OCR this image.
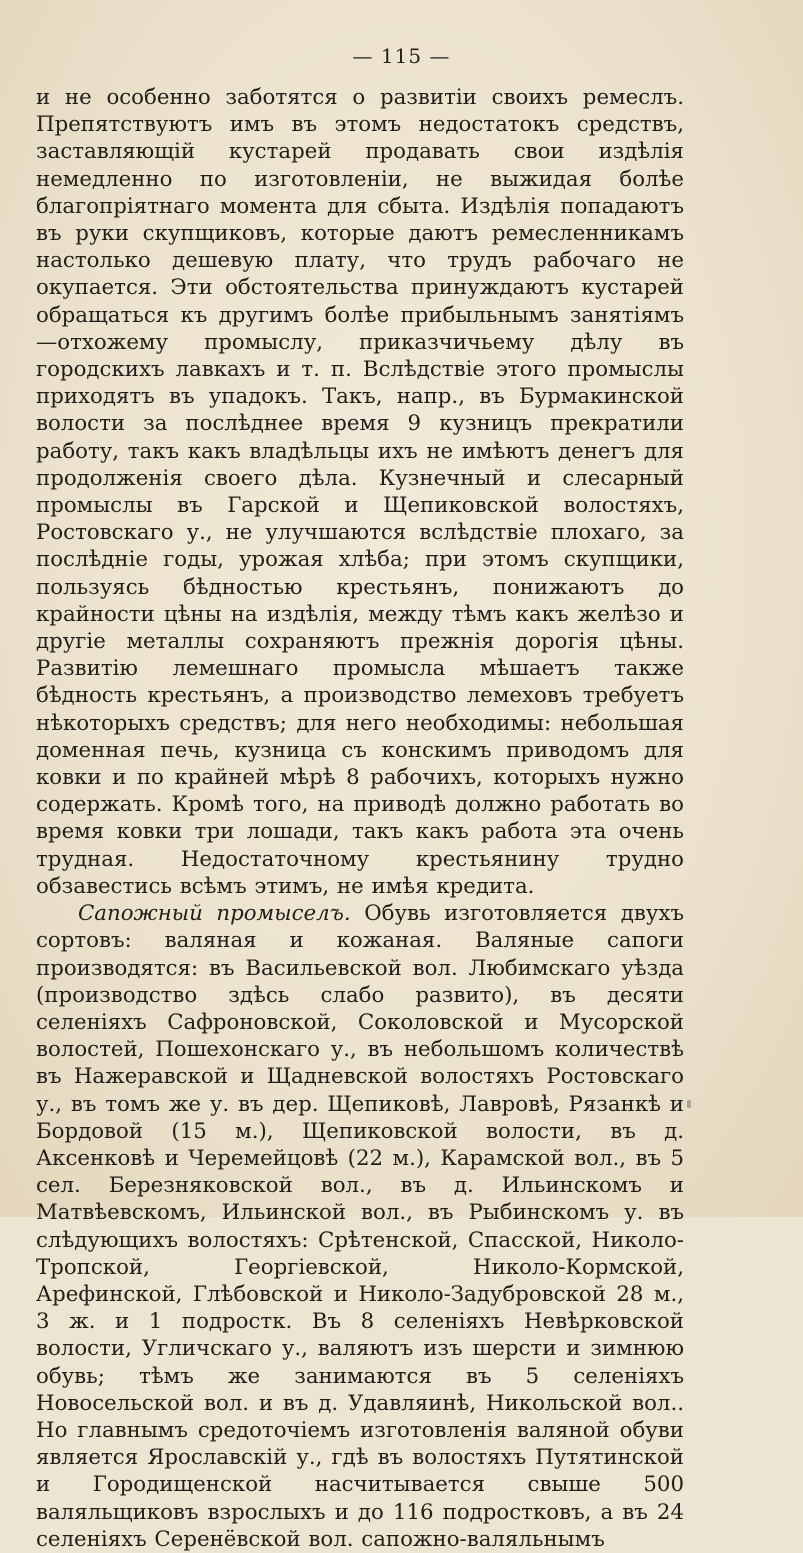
— 115 —

и не особенно заботятся о развитіи своихъ ремеслъ. Препятствуютъ имъ въ этомъ недостатокъ средствъ, заставляющій кустарей продавать свои издѣлія немедленно по изготовленіи, не выжидая болѣе благопріятнаго момента для сбыта. Издѣлія попадаютъ въ руки скупщиковъ, которые даютъ ремесленникамъ настолько дешевую плату, что трудъ рабочаго не окупается. Эти обстоятельства принуждаютъ кустарей обращаться къ другимъ болѣе прибыльнымъ занятіямъ—отхожему промыслу, приказчичьему дѣлу въ городскихъ лавкахъ и т. п. Вслѣдствіе этого промыслы приходятъ въ упадокъ. Такъ, напр., въ Бурмакинской волости за послѣднее время 9 кузницъ прекратили работу, такъ какъ владѣльцы ихъ не имѣютъ денегъ для продолженія своего дѣла. Кузнечный и слесарный промыслы въ Гарской и Щепиковской волостяхъ, Ростовскаго у., не улучшаются вслѣдствіе плохаго, за послѣдніе годы, урожая хлѣба; при этомъ скупщики, пользуясь бѣдностью крестьянъ, понижаютъ до крайности цѣны на издѣлія, между тѣмъ какъ желѣзо и другіе металлы сохраняютъ прежнія дорогія цѣны. Развитію лемешнаго промысла мѣшаетъ также бѣдность крестьянъ, а производство лемеховъ требуетъ нѣкоторыхъ средствъ; для него необходимы: небольшая доменная печь, кузница съ конскимъ приводомъ для ковки и по крайней мѣрѣ 8 рабочихъ, которыхъ нужно содержать. Кромѣ того, на приводѣ должно работать во время ковки три лошади, такъ какъ работа эта очень трудная. Недостаточному крестьянину трудно обзавестись всѣмъ этимъ, не имѣя кредита.

Сапожный промыселъ. Обувь изготовляется двухъ сортовъ: валяная и кожаная. Валяные сапоги производятся: въ Васильевской вол. Любимскаго уѣзда (производство здѣсь слабо развито), въ десяти селеніяхъ Сафроновской, Соколовской и Мусорской волостей, Пошехонскаго у., въ небольшомъ количествѣ въ Нажеравской и Щадневской волостяхъ Ростовскаго у., въ томъ же у. въ дер. Щепиковѣ, Лавровѣ, Рязанкѣ и Бордовой (15 м.), Щепиковской волости, въ д. Аксенковѣ и Черемейцовѣ (22 м.), Карамской вол., въ 5 сел. Березняковской вол., въ д. Ильинскомъ и Матвѣевскомъ, Ильинской вол., въ Рыбинскомъ у. въ слѣдующихъ волостяхъ: Срѣтенской, Спасской, Николо-Тропской, Георгіевской, Николо-Кормской, Арефинской, Глѣбовской и Николо-Задубровской 28 м., 3 ж. и 1 подростк. Въ 8 селеніяхъ Невѣрковской волости, Угличскаго у., валяютъ изъ шерсти и зимнюю обувь; тѣмъ же занимаются въ 5 селеніяхъ Новосельской вол. и въ д. Удавляинѣ, Никольской вол.. Но главнымъ средоточіемъ изготовленія валяной обуви является Ярославскій у., гдѣ въ волостяхъ Путятинской и Городищенской насчитывается свыше 500 валяльщиковъ взрослыхъ и до 116 подростковъ, а въ 24 селеніяхъ Серенёвской вол. сапожно-валяльнымъ
